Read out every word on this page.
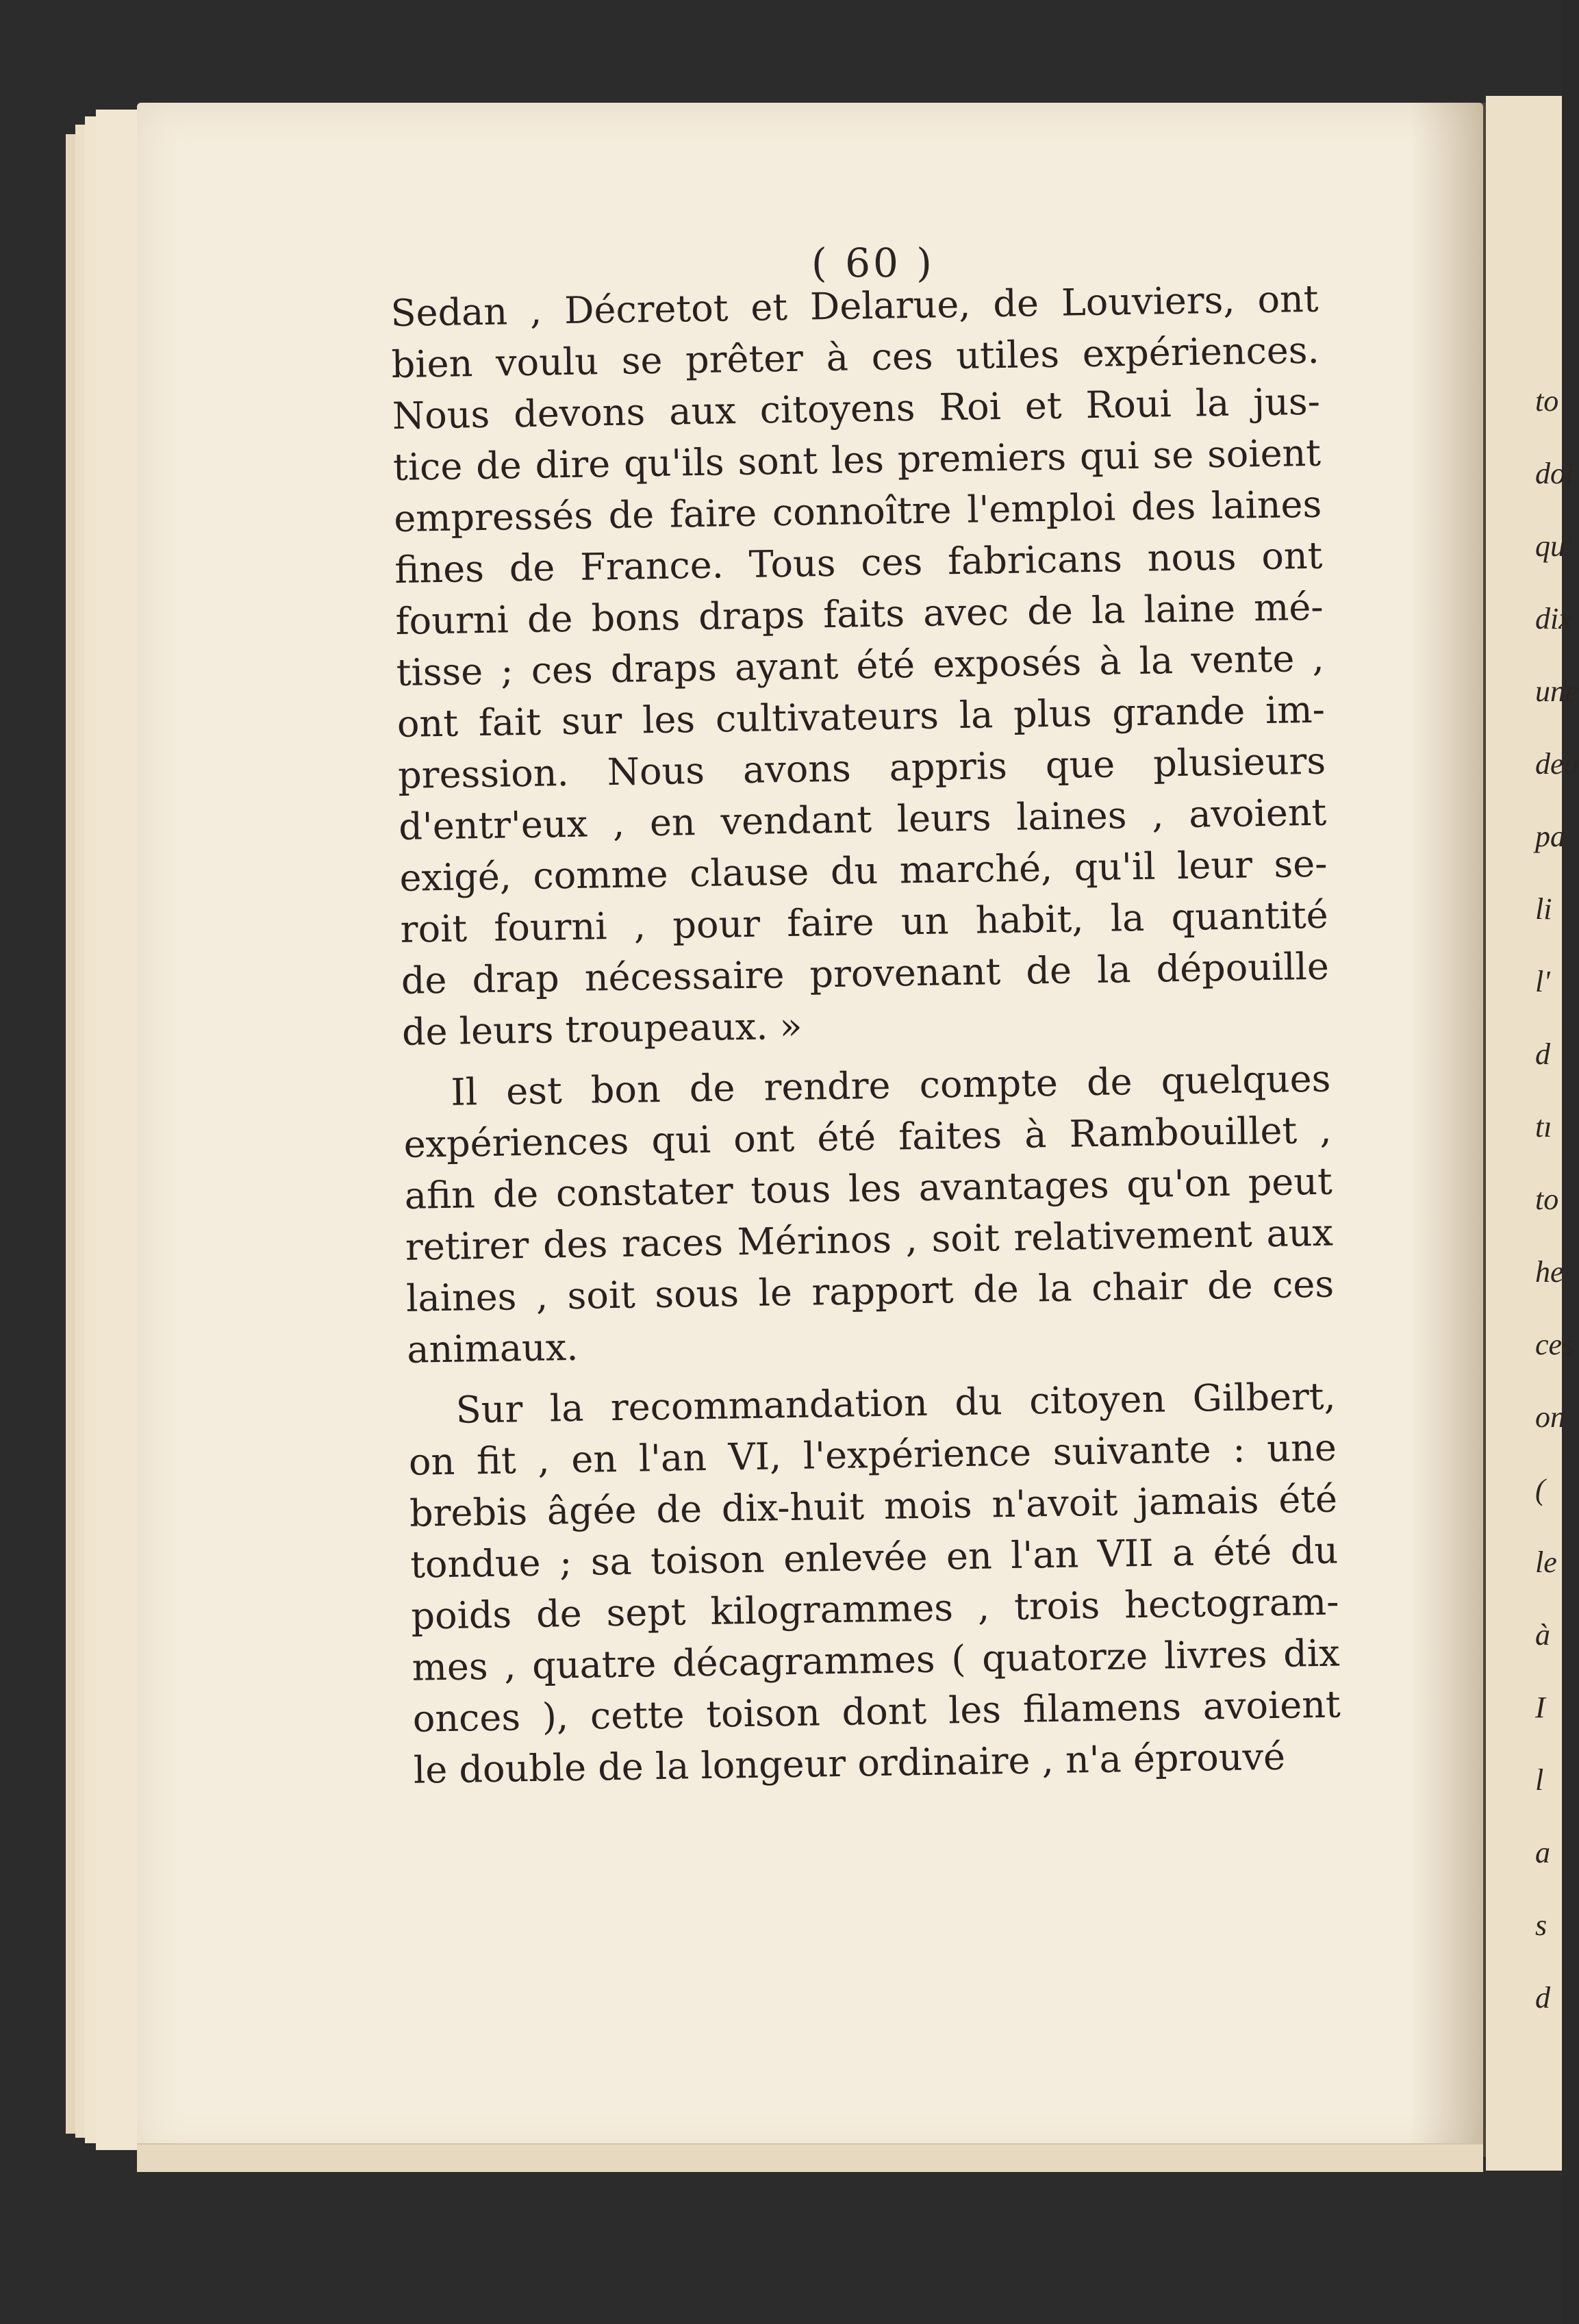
to
doi
qu'
dix
une
deu
pa
li
l'
d
tı
to
he
ces
on
(
le
à
I
l
a
s
d
( 60 )
Sedan , Décretot et Delarue, de Louviers, ont
bien voulu se prêter à ces utiles expériences.
Nous devons aux citoyens Roi et Roui la jus-
tice de dire qu'ils sont les premiers qui se soient
empressés de faire connoître l'emploi des laines
fines de France. Tous ces fabricans nous ont
fourni de bons draps faits avec de la laine mé-
tisse ; ces draps ayant été exposés à la vente ,
ont fait sur les cultivateurs la plus grande im-
pression. Nous avons appris que plusieurs
d'entr'eux , en vendant leurs laines , avoient
exigé, comme clause du marché, qu'il leur se-
roit fourni , pour faire un habit, la quantité
de drap nécessaire provenant de la dépouille
de leurs troupeaux. »
Il est bon de rendre compte de quelques
expériences qui ont été faites à Rambouillet ,
afin de constater tous les avantages qu'on peut
retirer des races Mérinos , soit relativement aux
laines , soit sous le rapport de la chair de ces
animaux.
Sur la recommandation du citoyen Gilbert,
on fit , en l'an VI, l'expérience suivante : une
brebis âgée de dix-huit mois n'avoit jamais été
tondue ; sa toison enlevée en l'an VII a été du
poids de sept kilogrammes , trois hectogram-
mes , quatre décagrammes ( quatorze livres dix
onces ), cette toison dont les filamens avoient
le double de la longeur ordinaire , n'a éprouvé
